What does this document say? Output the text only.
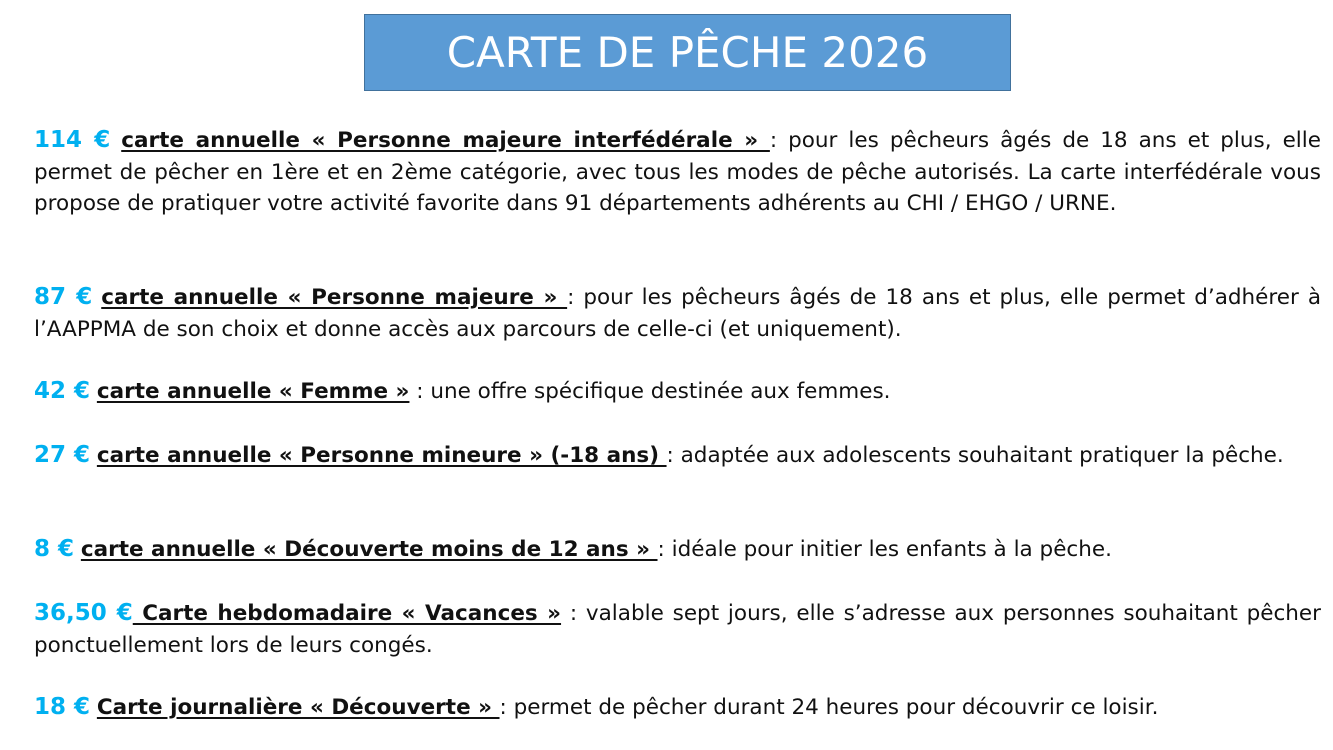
CARTE DE PÊCHE 2026

114 € carte annuelle « Personne majeure interfédérale » : pour les pêcheurs âgés de 18 ans et plus, elle permet de pêcher en 1ère et en 2ème catégorie, avec tous les modes de pêche autorisés. La carte interfédérale vous propose de pratiquer votre activité favorite dans 91 départements adhérents au CHI / EHGO / URNE.

87 € carte annuelle « Personne majeure » : pour les pêcheurs âgés de 18 ans et plus, elle permet d’adhérer à l’AAPPMA de son choix et donne accès aux parcours de celle-ci (et uniquement).

42 € carte annuelle « Femme » : une offre spécifique destinée aux femmes.

27 € carte annuelle « Personne mineure » (-18 ans) : adaptée aux adolescents souhaitant pratiquer la pêche.

8 € carte annuelle « Découverte moins de 12 ans » : idéale pour initier les enfants à la pêche.

36,50 € Carte hebdomadaire « Vacances » : valable sept jours, elle s’adresse aux personnes souhaitant pêcher ponctuellement lors de leurs congés.

18 € Carte journalière « Découverte » : permet de pêcher durant 24 heures pour découvrir ce loisir.
